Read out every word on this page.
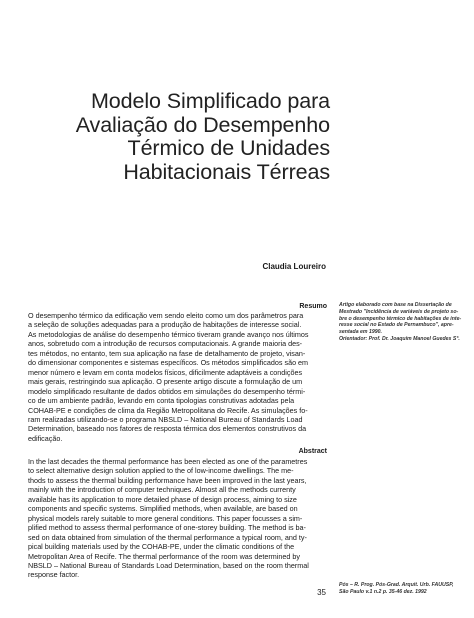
Modelo Simplificado para
Avaliação do Desempenho
Térmico de Unidades
Habitacionais Térreas
Claudia Loureiro
Resumo
O desempenho térmico da edificação vem sendo eleito como um dos parâmetros para
a seleção de soluções adequadas para a produção de habitações de interesse social.
As metodologias de análise do desempenho térmico tiveram grande avanço nos últimos
anos, sobretudo com a introdução de recursos computacionais. A grande maioria des-
tes métodos, no entanto, tem sua aplicação na fase de detalhamento de projeto, visan-
do dimensionar componentes e sistemas específicos. Os métodos simplificados são em
menor número e levam em conta modelos físicos, dificilmente adaptáveis a condições
mais gerais, restringindo sua aplicação. O presente artigo discute a formulação de um
modelo simplificado resultante de dados obtidos em simulações do desempenho térmi-
co de um ambiente padrão, levando em conta tipologias construtivas adotadas pela
COHAB-PE e condições de clima da Região Metropolitana do Recife. As simulações fo-
ram realizadas utilizando-se o programa NBSLD – National Bureau of Standards Load
Determination, baseado nos fatores de resposta térmica dos elementos construtivos da
edificação.
Abstract
In the last decades the thermal performance has been elected as one of the parametres
to select alternative design solution applied to the of low-income dwellings. The me-
thods to assess the thermal building performance have been improved in the last years,
mainly with the introduction of computer techniques. Almost all the methods currenty
available has its application to more detailed phase of design process, aiming to size
components and specific systems. Simplified methods, when available, are based on
physical models rarely suitable to more general conditions. This paper focusses a sim-
plified method to assess thermal performance of one-storey building. The method is ba-
sed on data obtained from simulation of the thermal performance a typical room, and ty-
pical building materials used by the COHAB-PE, under the climatic conditions of the
Metropolitan Area of Recife. The thermal performance of the room was determined by
NBSLD – National Bureau of Standards Load Determination, based on the room thermal
response factor.
Artigo elaborado com base na Dissertação de
Mestrado "Incidência de variáveis de projeto so-
bre o desempenho térmico de habitações de inte-
resse social no Estado de Pernambuco", apre-
sentada em 1990.
Orientador: Prof. Dr. Joaquim Manoel Guedes S°.
35
Pós – R. Prog. Pós-Grad. Arquit. Urb. FAUUSP,
São Paulo v.1 n.2 p. 35-46 dez. 1992
